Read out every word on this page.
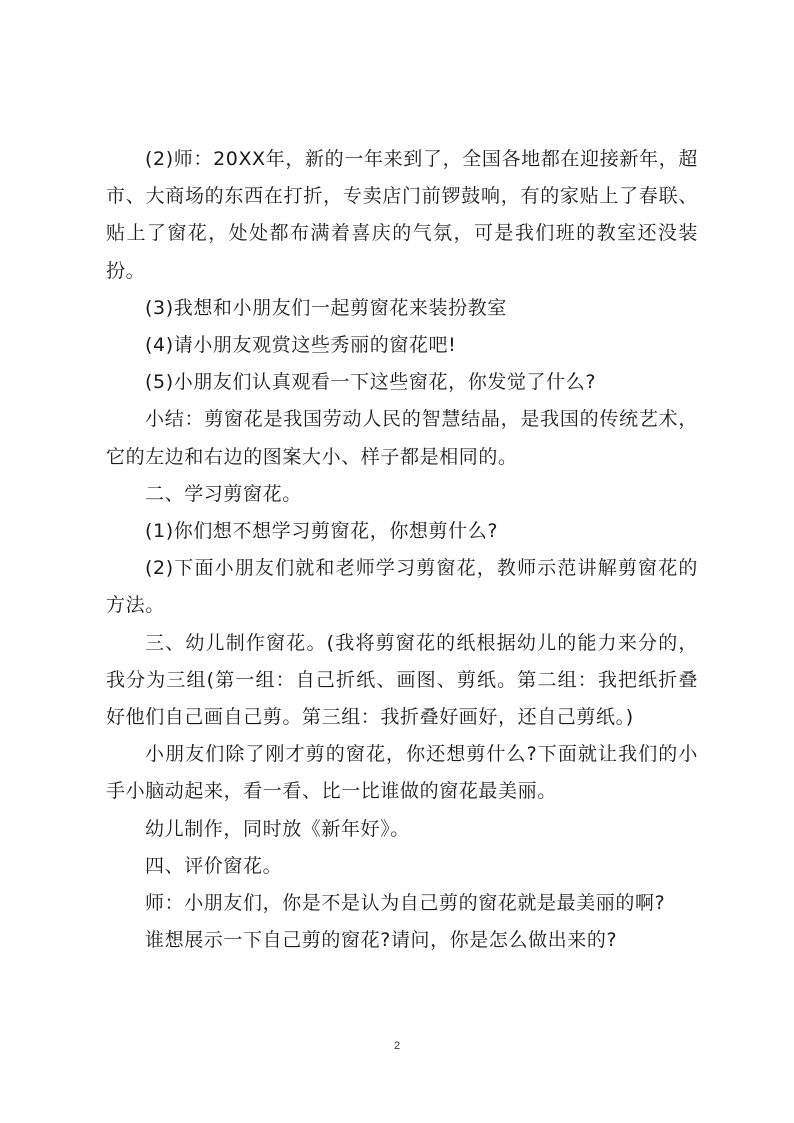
(2)师：20XX年，新的一年来到了，全国各地都在迎接新年，超市、大商场的东西在打折，专卖店门前锣鼓响，有的家贴上了春联、贴上了窗花，处处都布满着喜庆的气氛，可是我们班的教室还没装扮。

(3)我想和小朋友们一起剪窗花来装扮教室

(4)请小朋友观赏这些秀丽的窗花吧!

(5)小朋友们认真观看一下这些窗花，你发觉了什么?

小结：剪窗花是我国劳动人民的智慧结晶，是我国的传统艺术，它的左边和右边的图案大小、样子都是相同的。

二、学习剪窗花。

(1)你们想不想学习剪窗花，你想剪什么?

(2)下面小朋友们就和老师学习剪窗花，教师示范讲解剪窗花的方法。

三、幼儿制作窗花。(我将剪窗花的纸根据幼儿的能力来分的，我分为三组(第一组：自己折纸、画图、剪纸。第二组：我把纸折叠好他们自己画自己剪。第三组：我折叠好画好，还自己剪纸。)

小朋友们除了刚才剪的窗花，你还想剪什么?下面就让我们的小手小脑动起来，看一看、比一比谁做的窗花最美丽。

幼儿制作，同时放《新年好》。

四、评价窗花。

师：小朋友们，你是不是认为自己剪的窗花就是最美丽的啊?

谁想展示一下自己剪的窗花?请问，你是怎么做出来的?

2
